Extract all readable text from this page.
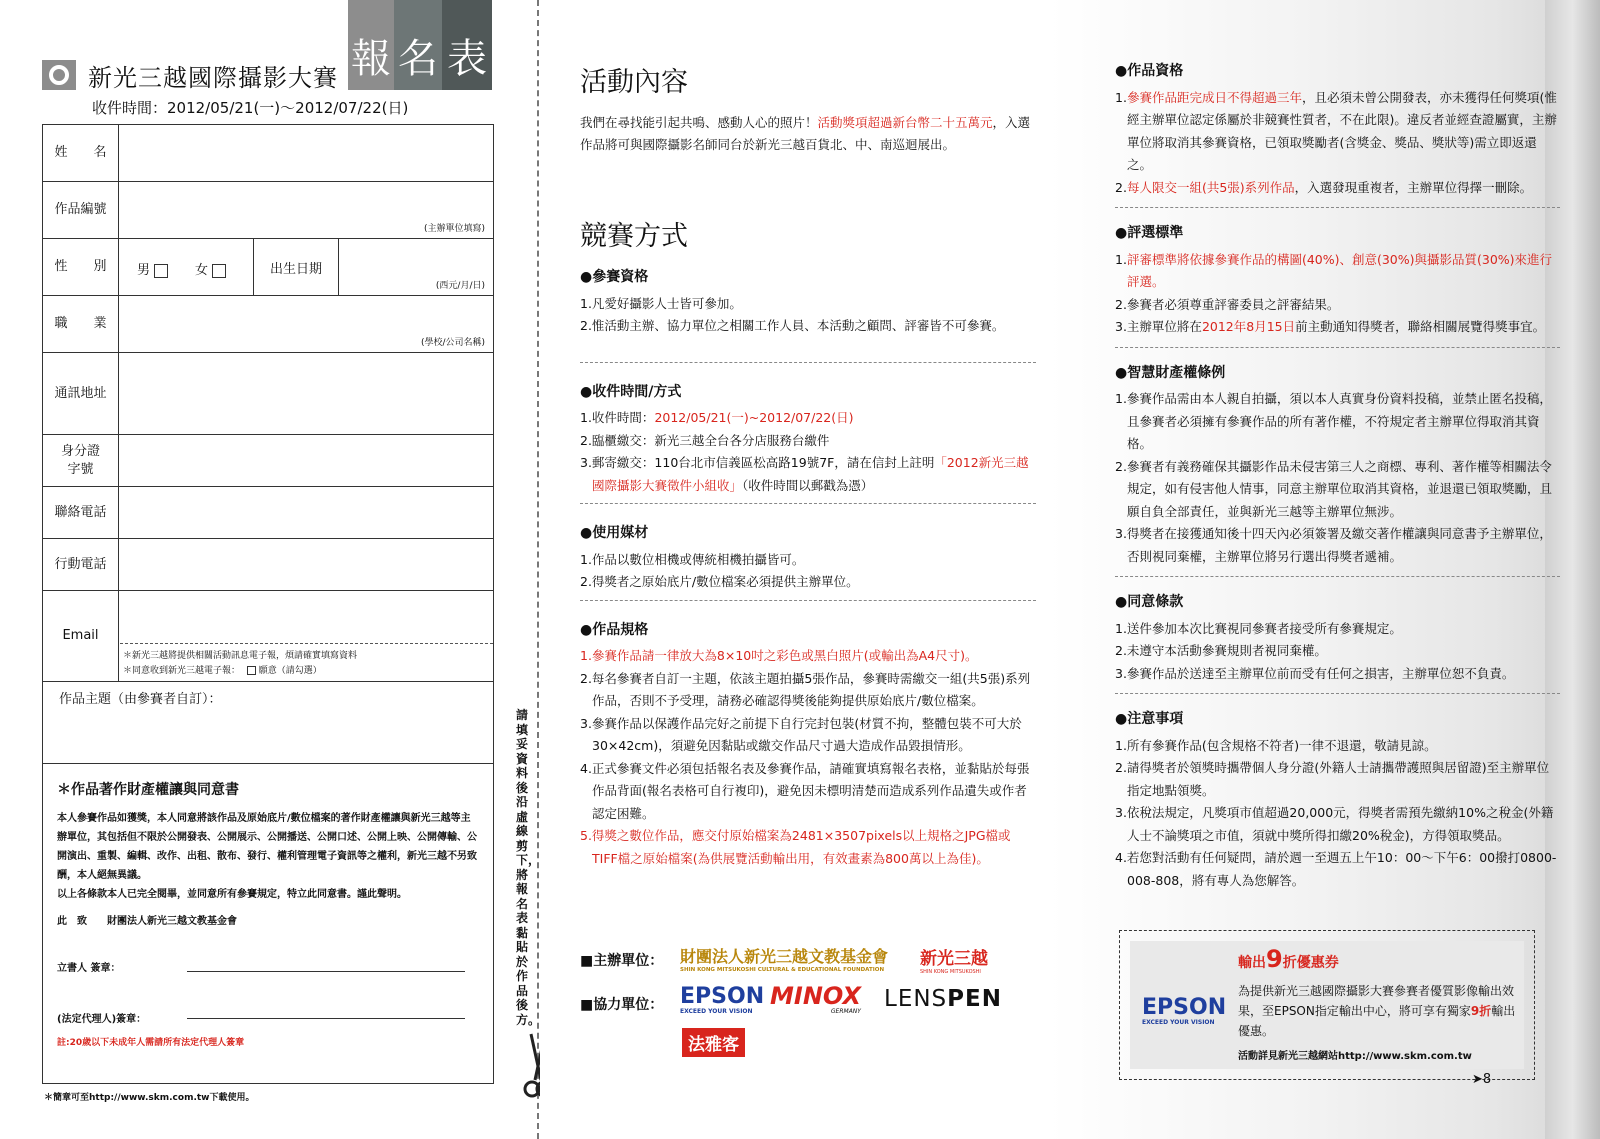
新光三越國際攝影大賽 報 名 表
收件時間：2012/05/21(一)～2012/07/22(日)
姓　　名
作品編號
(主辦單位填寫)
性　　別	男	女	出生日期
(西元/月/日)
職　　業
(學校/公司名稱)
通訊地址
身分證字號
聯絡電話
行動電話
Email
＊新光三越將提供相關活動訊息電子報，煩請確實填寫資料
＊同意收到新光三越電子報： 願意（請勾選）
作品主題（由參賽者自訂）：
＊作品著作財產權讓與同意書
本人參賽作品如獲獎，本人同意將該作品及原始底片/數位檔案的著作財產權讓與新光三越等主辦單位，其包括但不限於公開發表、公開展示、公開播送、公開口述、公開上映、公開傳輸、公開演出、重製、編輯、改作、出租、散布、發行、權利管理電子資訊等之權利，新光三越不另致酬，本人絕無異議。
以上各條款本人已完全閱畢，並同意所有參賽規定，特立此同意書。謹此聲明。
此　致　　財團法人新光三越文教基金會
立書人 簽章：
(法定代理人)簽章：
註:20歲以下未成年人需請所有法定代理人簽章
＊簡章可至http://www.skm.com.tw下載使用。
請填妥資料後沿虛線剪下，將報名表黏貼於作品後方。
活動內容

我們在尋找能引起共鳴、感動人心的照片！活動獎項超過新台幣二十五萬元，入選作品將可與國際攝影名師同台於新光三越百貨北、中、南巡迴展出。

競賽方式
●參賽資格
1.凡愛好攝影人士皆可參加。
2.惟活動主辦、協力單位之相關工作人員、本活動之顧問、評審皆不可參賽。
●收件時間/方式
1.收件時間：2012/05/21(一)~2012/07/22(日)
2.臨櫃繳交：新光三越全台各分店服務台繳件
3.郵寄繳交：110台北市信義區松高路19號7F，請在信封上註明「2012新光三越國際攝影大賽徵件小組收」（收件時間以郵戳為憑）
●使用媒材
1.作品以數位相機或傳統相機拍攝皆可。
2.得獎者之原始底片/數位檔案必須提供主辦單位。
●作品規格
1.參賽作品請一律放大為8×10吋之彩色或黑白照片(或輸出為A4尺寸)。
2.每名參賽者自訂一主題，依該主題拍攝5張作品，參賽時需繳交一組(共5張)系列作品，否則不予受理，請務必確認得獎後能夠提供原始底片/數位檔案。
3.參賽作品以保護作品完好之前提下自行完封包裝(材質不拘，整體包裝不可大於30×42cm)，須避免因黏貼或繳交作品尺寸過大造成作品毀損情形。
4.正式參賽文件必須包括報名表及參賽作品，請確實填寫報名表格，並黏貼於每張作品背面(報名表格可自行複印)，避免因未標明清楚而造成系列作品遺失或作者認定困難。
5.得獎之數位作品，應交付原始檔案為2481×3507pixels以上規格之JPG檔或TIFF檔之原始檔案(為供展覽活動輸出用，有效畫素為800萬以上為佳)。
■主辦單位： 財團法人新光三越文教基金會
SHIN KONG MITSUKOSHI CULTURAL & EDUCATIONAL FOUNDATION
新光三越
SHIN KONG MITSUKOSHI
■協力單位： EPSON
EXCEED YOUR VISION
MINOX
GERMANY LENSPEN
法雅客
●作品資格
1.參賽作品距完成日不得超過三年，且必須未曾公開發表，亦未獲得任何獎項(惟經主辦單位認定係屬於非競賽性質者，不在此限)。違反者並經查證屬實，主辦單位將取消其參賽資格，已領取獎勵者(含獎金、獎品、獎狀等)需立即返還之。
2.每人限交一組(共5張)系列作品，入選發現重複者，主辦單位得擇一刪除。
●評選標準
1.評審標準將依據參賽作品的構圖(40%)、創意(30%)與攝影品質(30%)來進行評選。
2.參賽者必須尊重評審委員之評審結果。
3.主辦單位將在2012年8月15日前主動通知得獎者，聯絡相關展覽得獎事宜。
●智慧財產權條例
1.參賽作品需由本人親自拍攝，須以本人真實身份資料投稿，並禁止匿名投稿，且參賽者必須擁有參賽作品的所有著作權，不符規定者主辦單位得取消其資格。
2.參賽者有義務確保其攝影作品未侵害第三人之商標、專利、著作權等相關法令規定，如有侵害他人情事，同意主辦單位取消其資格，並退還已領取獎勵，且願自負全部責任，並與新光三越等主辦單位無涉。
3.得獎者在接獲通知後十四天內必須簽署及繳交著作權讓與同意書予主辦單位，否則視同棄權，主辦單位將另行選出得獎者遞補。
●同意條款
1.送件參加本次比賽視同參賽者接受所有參賽規定。
2.未遵守本活動參賽規則者視同棄權。
3.參賽作品於送達至主辦單位前而受有任何之損害，主辦單位恕不負責。
●注意事項
1.所有參賽作品(包含規格不符者)一律不退還，敬請見諒。
2.請得獎者於領獎時攜帶個人身分證(外籍人士請攜帶護照與居留證)至主辦單位指定地點領獎。
3.依稅法規定，凡獎項市值超過20,000元，得獎者需預先繳納10%之稅金(外籍人士不論獎項之市值，須就中獎所得扣繳20%稅金)，方得領取獎品。
4.若您對活動有任何疑問，請於週一至週五上午10：00～下午6：00撥打0800-008-808，將有專人為您解答。
EPSON
EXCEED YOUR VISION
輸出9折優惠券
為提供新光三越國際攝影大賽參賽者優質影像輸出效果，至EPSON指定輸出中心，將可享有獨家9折輸出優惠。
活動詳見新光三越網站http://www.skm.com.tw
➤8
